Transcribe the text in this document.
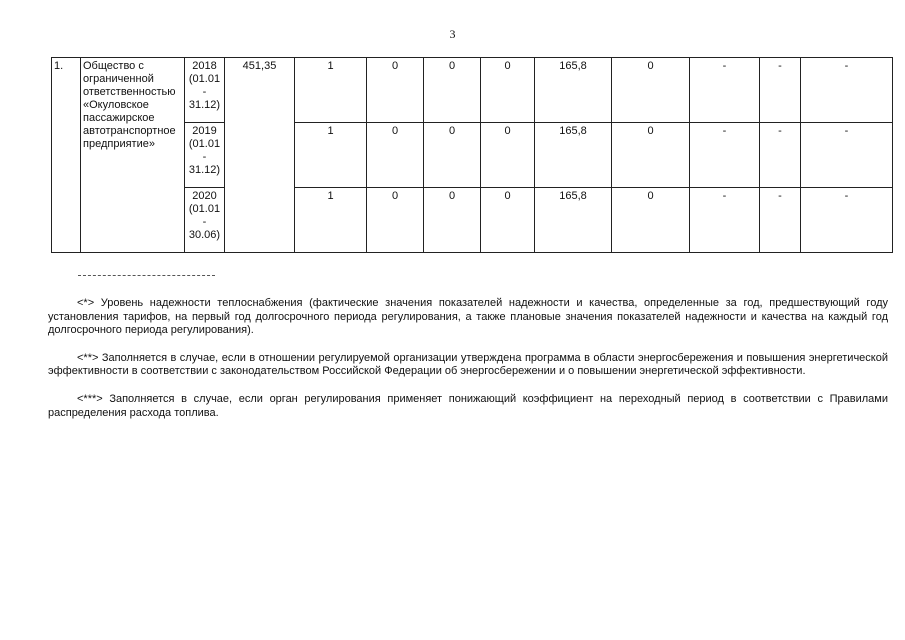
3
1.	Общество с ограниченной ответственностью «Окуловское пассажирское автотранспортное предприятие»	2018
(01.01
-
31.12)	451,35	1	0	0	0	165,8	0	-	-	-

		2019
(01.01
-
31.12)		1	0	0	0	165,8	0	-	-	-

		2020
(01.01
-
30.06)		1	0	0	0	165,8	0	-	-	-

<*> Уровень надежности теплоснабжения (фактические значения показателей надежности и качества, определенные за год, предшествующий году установления тарифов, на первый год долгосрочного периода регулирования, а также плановые значения показателей надежности и качества на каждый год долгосрочного периода регулирования).

<**> Заполняется в случае, если в отношении регулируемой организации утверждена программа в области энергосбережения и повышения энергетической эффективности в соответствии с законодательством Российской Федерации об энергосбережении и о повышении энергетической эффективности.

<***> Заполняется в случае, если орган регулирования применяет понижающий коэффициент на переходный период в соответствии с Правилами распределения расхода топлива.
